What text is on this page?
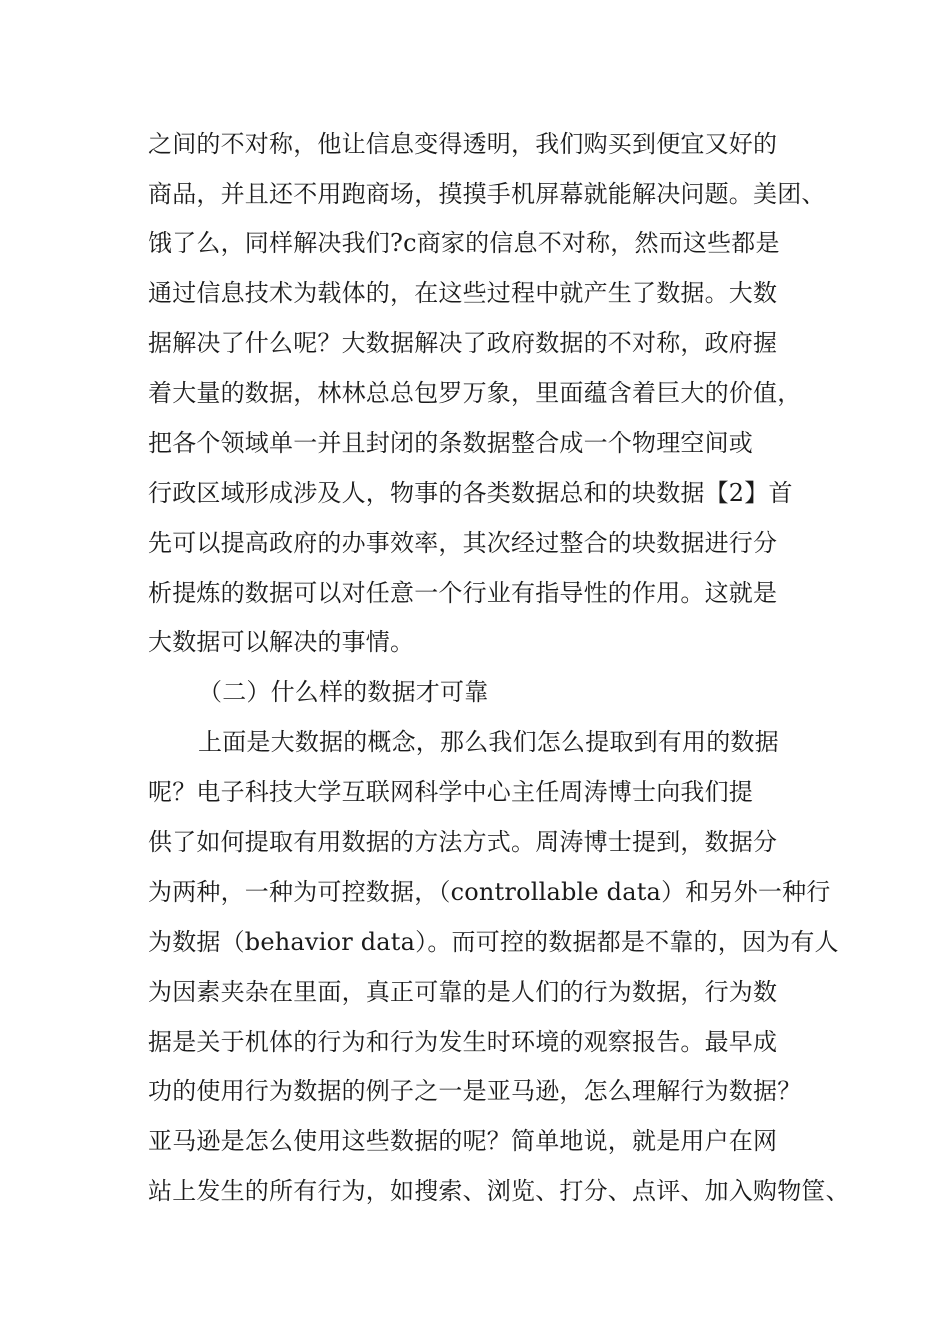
之间的不对称，他让信息变得透明，我们购买到便宜又好的
商品，并且还不用跑商场，摸摸手机屏幕就能解决问题。美团、
饿了么，同样解决我们?c商家的信息不对称，然而这些都是
通过信息技术为载体的，在这些过程中就产生了数据。大数
据解决了什么呢？大数据解决了政府数据的不对称，政府握
着大量的数据，林林总总包罗万象，里面蕴含着巨大的价值，
把各个领域单一并且封闭的条数据整合成一个物理空间或
行政区域形成涉及人，物事的各类数据总和的块数据【2】首
先可以提高政府的办事效率，其次经过整合的块数据进行分
析提炼的数据可以对任意一个行业有指导性的作用。这就是
大数据可以解决的事情。
（二）什么样的数据才可靠
上面是大数据的概念，那么我们怎么提取到有用的数据
呢？电子科技大学互联网科学中心主任周涛博士向我们提
供了如何提取有用数据的方法方式。周涛博士提到，数据分
为两种，一种为可控数据，（controllable data）和另外一种行
为数据（behavior data）。而可控的数据都是不靠的，因为有人
为因素夹杂在里面，真正可靠的是人们的行为数据，行为数
据是关于机体的行为和行为发生时环境的观察报告。最早成
功的使用行为数据的例子之一是亚马逊，怎么理解行为数据？
亚马逊是怎么使用这些数据的呢？简单地说，就是用户在网
站上发生的所有行为，如搜索、浏览、打分、点评、加入购物筐、
